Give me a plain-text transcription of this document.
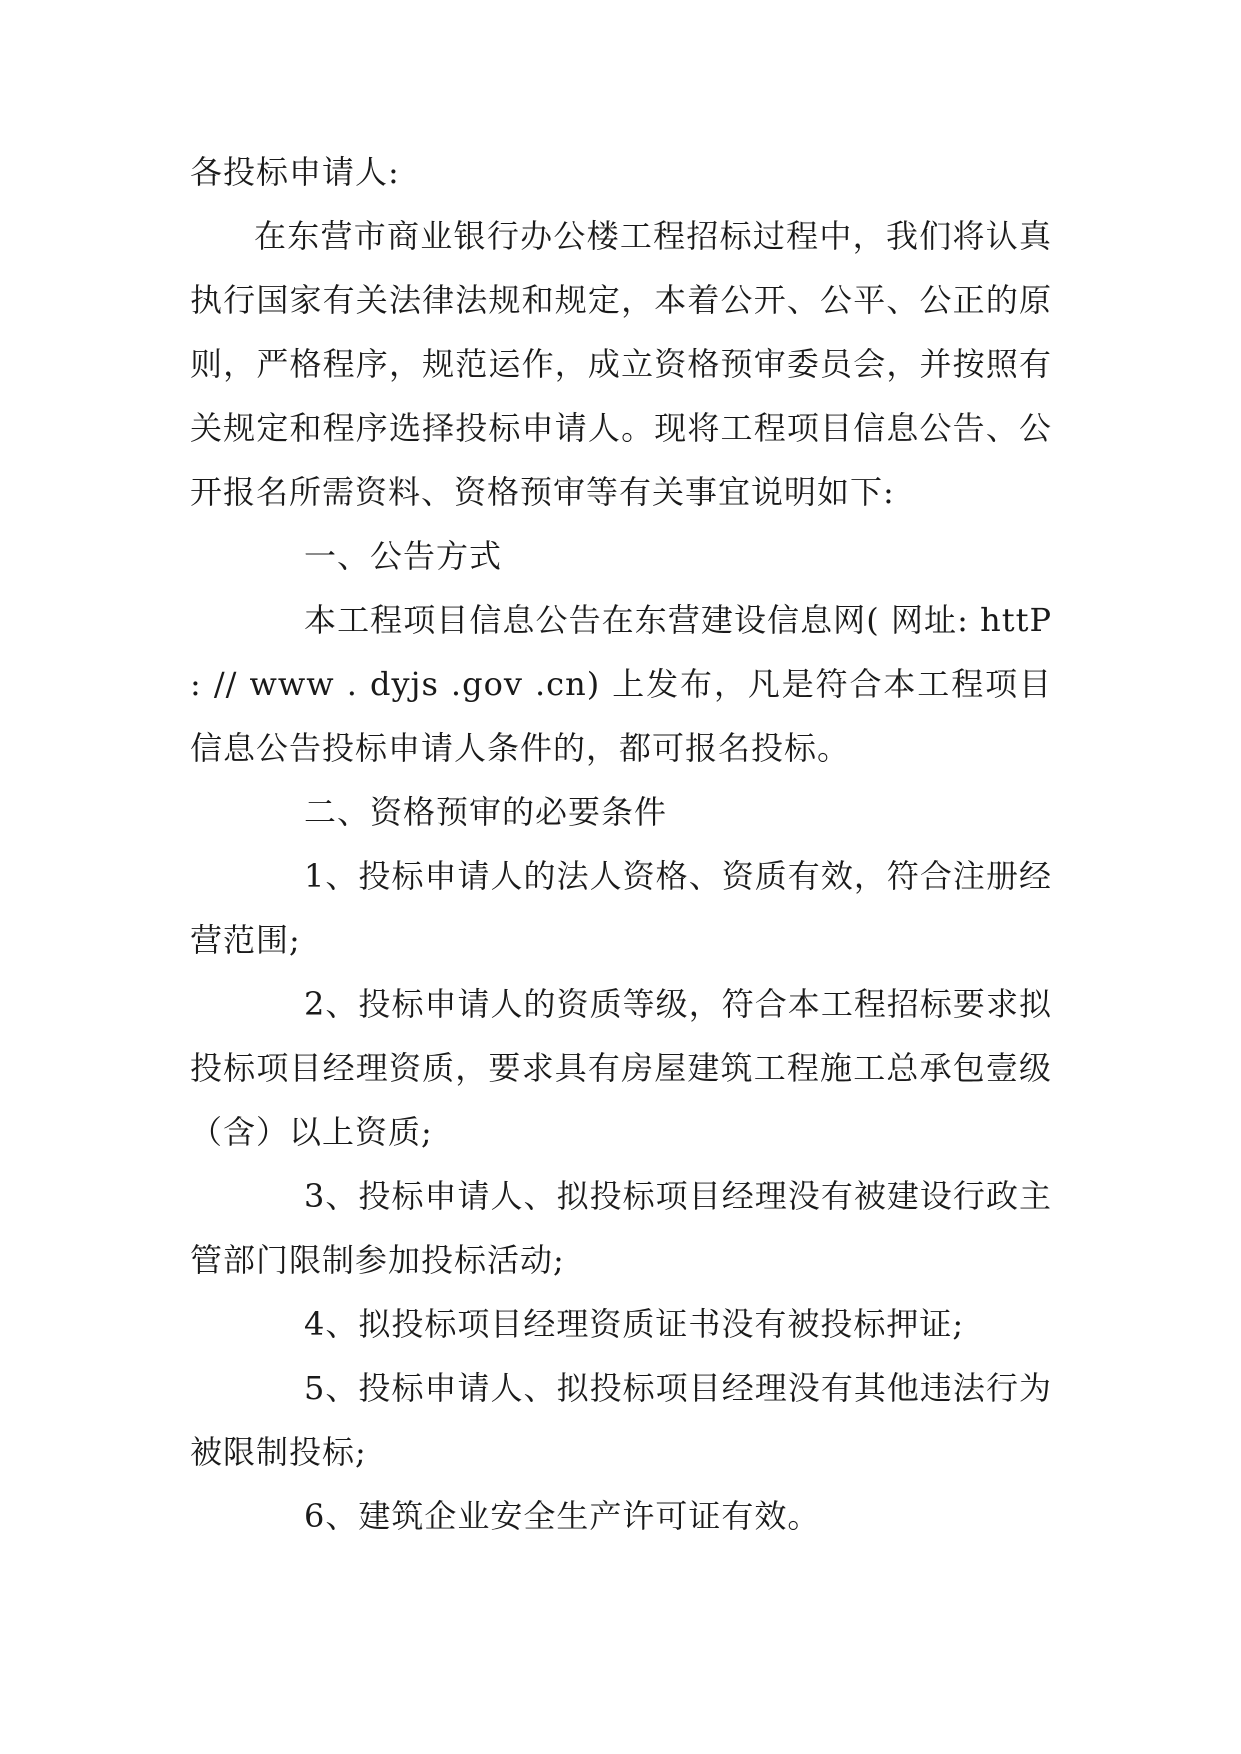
各投标申请人:

在东营市商业银行办公楼工程招标过程中，我们将认真执行国家有关法律法规和规定，本着公开、公平、公正的原则，严格程序，规范运作，成立资格预审委员会，并按照有关规定和程序选择投标申请人。现将工程项目信息公告、公开报名所需资料、资格预审等有关事宜说明如下:

一、公告方式

本工程项目信息公告在东营建设信息网( 网址: httP : // www . dyjs .gov .cn) 上发布，凡是符合本工程项目信息公告投标申请人条件的，都可报名投标。

二、资格预审的必要条件

1、投标申请人的法人资格、资质有效，符合注册经营范围;

2、投标申请人的资质等级，符合本工程招标要求拟投标项目经理资质，要求具有房屋建筑工程施工总承包壹级（含）以上资质;

3、投标申请人、拟投标项目经理没有被建设行政主管部门限制参加投标活动;

4、拟投标项目经理资质证书没有被投标押证;

5、投标申请人、拟投标项目经理没有其他违法行为被限制投标;

6、建筑企业安全生产许可证有效。
